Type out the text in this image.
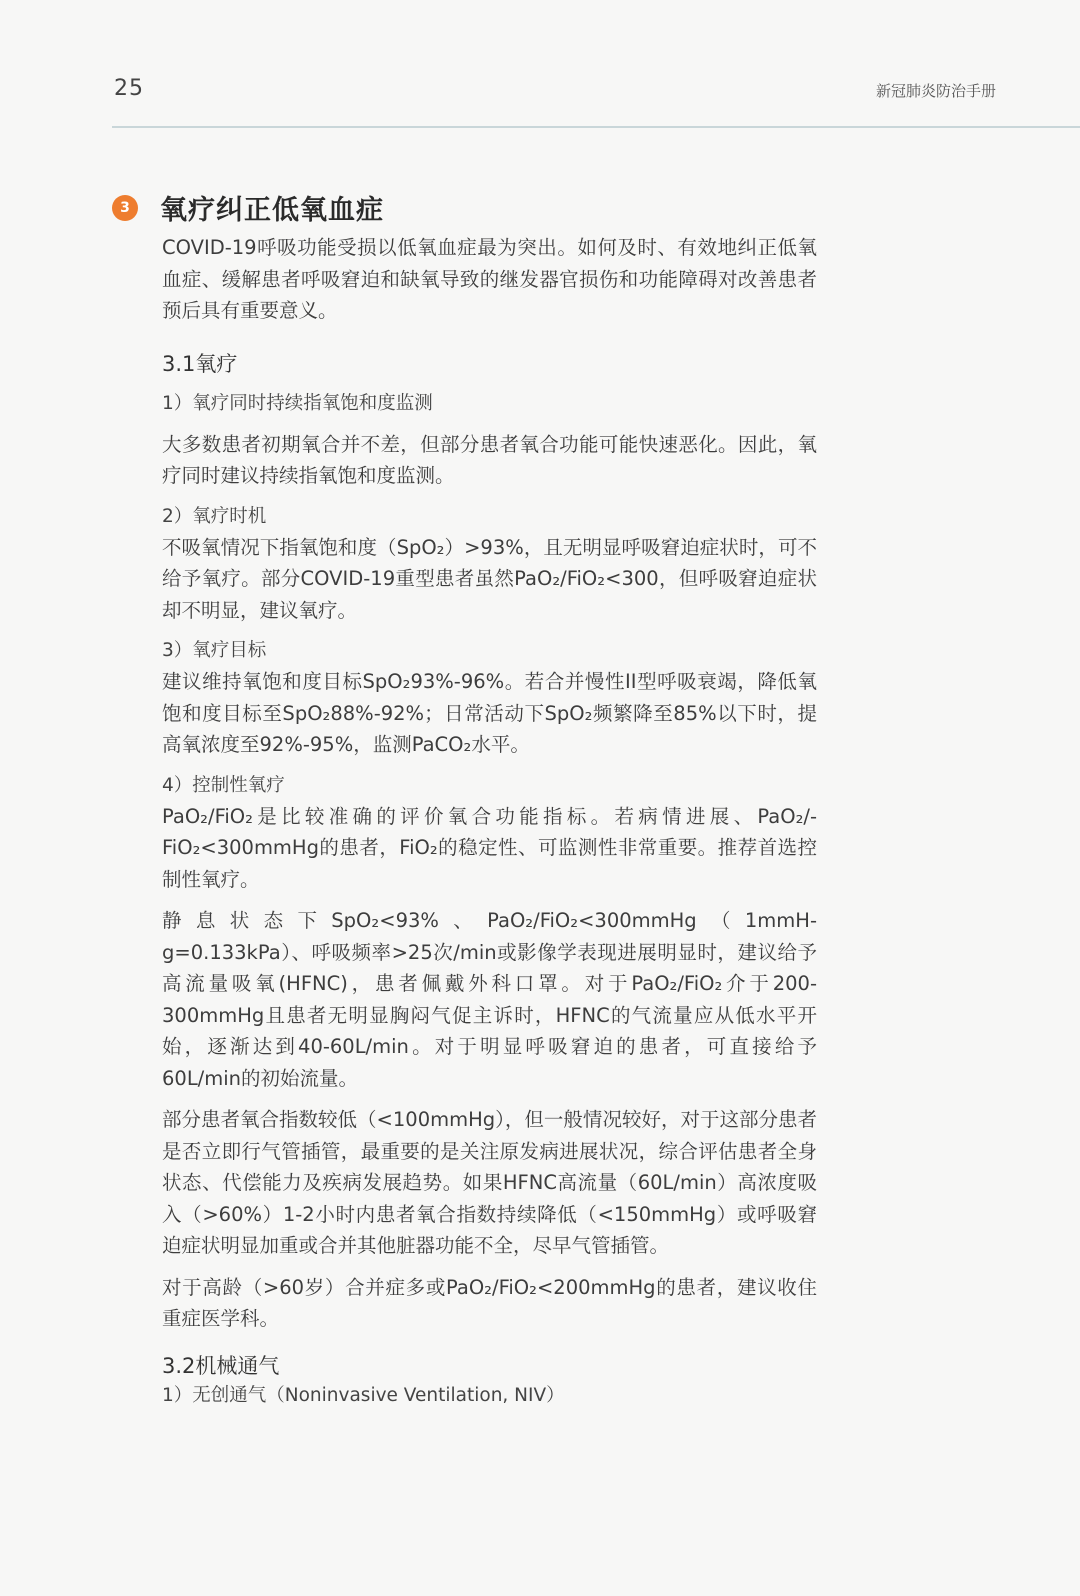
25	新冠肺炎防治手册
3	氧疗纠正低氧血症

COVID-19呼吸功能受损以低氧血症最为突出。如何及时、有效地纠正低氧血症、缓解患者呼吸窘迫和缺氧导致的继发器官损伤和功能障碍对改善患者预后具有重要意义。

3.1氧疗

1）氧疗同时持续指氧饱和度监测

大多数患者初期氧合并不差，但部分患者氧合功能可能快速恶化。因此，氧疗同时建议持续指氧饱和度监测。

2）氧疗时机

不吸氧情况下指氧饱和度（SpO₂）>93%，且无明显呼吸窘迫症状时，可不给予氧疗。部分COVID-19重型患者虽然PaO₂/FiO₂<300，但呼吸窘迫症状却不明显，建议氧疗。

3）氧疗目标

建议维持氧饱和度目标SpO₂93%-96%。若合并慢性II型呼吸衰竭，降低氧饱和度目标至SpO₂88%-92%；日常活动下SpO₂频繁降至85%以下时，提高氧浓度至92%-95%，监测PaCO₂水平。

4）控制性氧疗

PaO₂/FiO₂是比较准确的评价氧合功能指标。若病情进展、PaO₂/-FiO₂<300mmHg的患者，FiO₂的稳定性、可监测性非常重要。推荐首选控制性氧疗。

静息状态下SpO₂<93%、PaO₂/FiO₂<300mmHg（1mmH-g=0.133kPa）、呼吸频率>25次/min或影像学表现进展明显时，建议给予高流量吸氧(HFNC)，患者佩戴外科口罩。对于PaO₂/FiO₂介于200-300mmHg且患者无明显胸闷气促主诉时，HFNC的气流量应从低水平开始，逐渐达到40-60L/min。对于明显呼吸窘迫的患者，可直接给予60L/min的初始流量。

部分患者氧合指数较低（<100mmHg），但一般情况较好，对于这部分患者是否立即行气管插管，最重要的是关注原发病进展状况，综合评估患者全身状态、代偿能力及疾病发展趋势。如果HFNC高流量（60L/min）高浓度吸入（>60%）1-2小时内患者氧合指数持续降低（<150mmHg）或呼吸窘迫症状明显加重或合并其他脏器功能不全，尽早气管插管。

对于高龄（>60岁）合并症多或PaO₂/FiO₂<200mmHg的患者，建议收住重症医学科。

3.2机械通气

1）无创通气（Noninvasive Ventilation, NIV）
